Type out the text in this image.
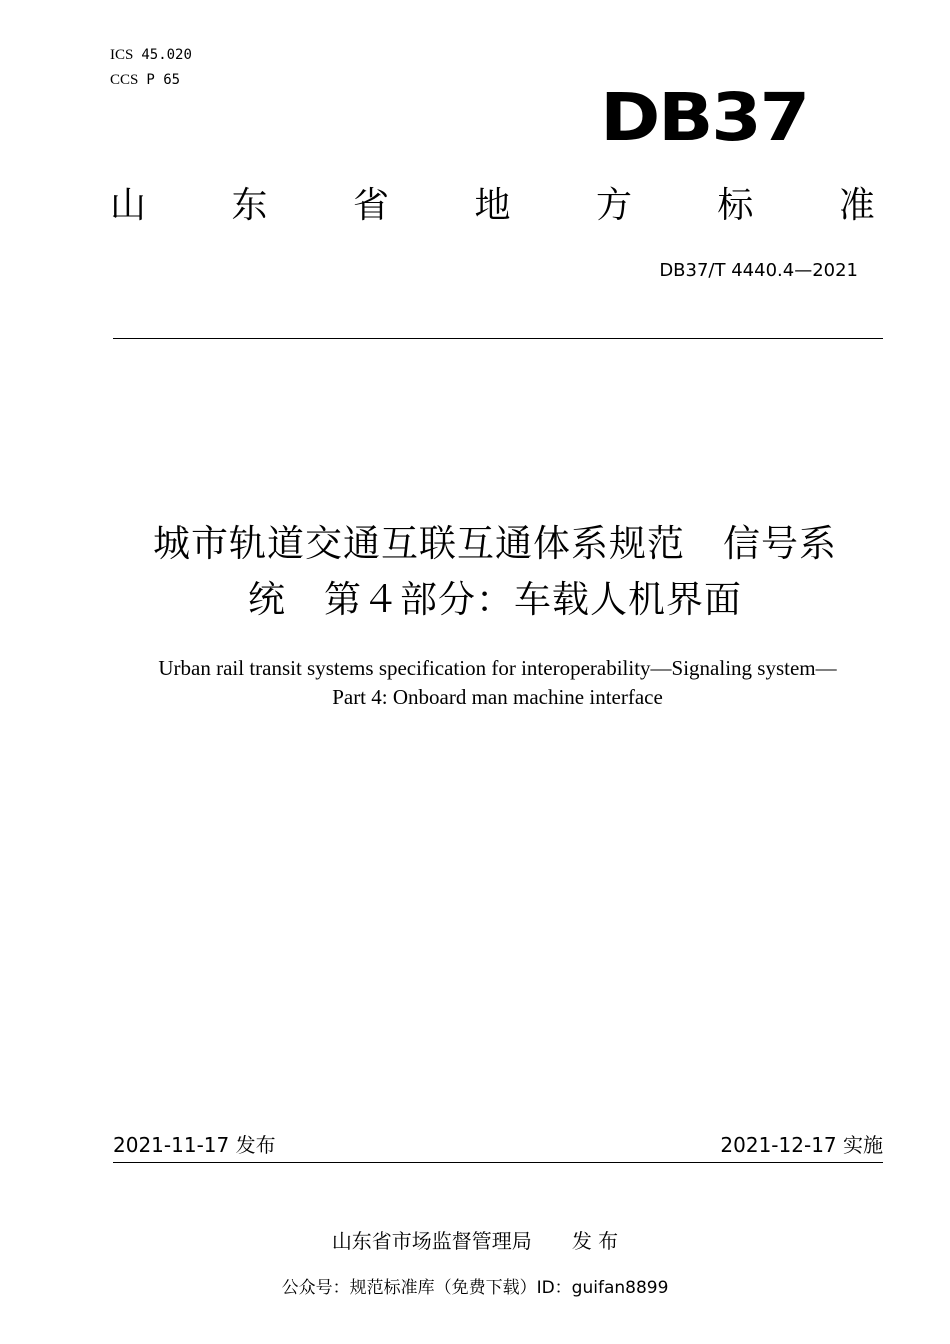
ICS 45.020
CCS P 65	DB37
山 东 省 地 方 标 准
DB37/T 4440.4—2021
城市轨道交通互联互通体系规范　信号系
统　第４部分：车载人机界面
Urban rail transit systems specification for interoperability—Signaling system—
Part 4: Onboard man machine interface
2021-11-17 发布	2021-12-17 实施
山东省市场监督管理局 发 布
公众号：规范标准库（免费下载）ID：guifan8899
